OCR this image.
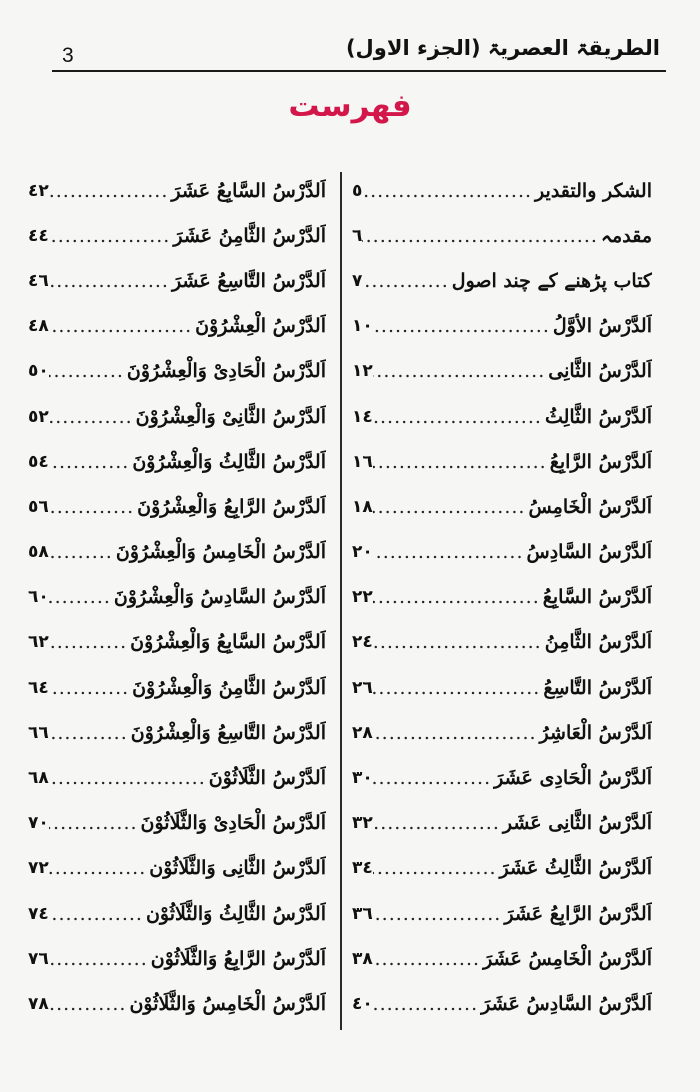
3	الطریقۃ العصریۃ (الجزء الاول)
فهرست
الشکر والتقدیر
.....
٥
مقدمہ
.....
٦
کتاب پڑھنے کے چند اصول
.....
٧
اَلدَّرْسُ الأوَّلُ
.....
١٠
اَلدَّرْسُ الثَّانِی
.....
١٢
اَلدَّرْسُ الثَّالِثُ
.....
١٤
اَلدَّرْسُ الرَّابِعُ
.....
١٦
اَلدَّرْسُ الْخَامِسُ
.....
١٨
اَلدَّرْسُ السَّادِسُ
.....
٢٠
اَلدَّرْسُ السَّابِعُ
.....
٢٢
اَلدَّرْسُ الثَّامِنُ
.....
٢٤
اَلدَّرْسُ التَّاسِعُ
.....
٢٦
اَلدَّرْسُ الْعَاشِرُ
.....
٢٨
اَلدَّرْسُ الْحَادِی عَشَرَ
.....
٣٠
اَلدَّرْسُ الثَّانِی عَشَر
.....
٣٢
اَلدَّرْسُ الثَّالِثُ عَشَرَ
.....
٣٤
اَلدَّرْسُ الرَّابِعُ عَشَرَ
.....
٣٦
اَلدَّرْسُ الْخَامِسُ عَشَرَ
.....
٣٨
اَلدَّرْسُ السَّادِسُ عَشَرَ
.....
٤٠
اَلدَّرْسُ السَّابِعُ عَشَرَ
.....
٤٢
اَلدَّرْسُ الثَّامِنُ عَشَرَ
.....
٤٤
اَلدَّرْسُ التَّاسِعُ عَشَرَ
.....
٤٦
اَلدَّرْسُ الْعِشْرُوْنَ
.....
٤٨
اَلدَّرْسُ الْحَادِیْ وَالْعِشْرُوْنَ
.....
٥٠
اَلدَّرْسُ الثَّانِیْ وَالْعِشْرُوْنَ
.....
٥٢
اَلدَّرْسُ الثَّالِثُ وَالْعِشْرُوْنَ
.....
٥٤
اَلدَّرْسُ الرَّابِعُ وَالْعِشْرُوْنَ
.....
٥٦
اَلدَّرْسُ الْخَامِسُ وَالْعِشْرُوْنَ
.....
٥٨
اَلدَّرْسُ السَّادِسُ وَالْعِشْرُوْنَ
.....
٦٠
اَلدَّرْسُ السَّابِعُ وَالْعِشْرُوْنَ
.....
٦٢
اَلدَّرْسُ الثَّامِنُ وَالْعِشْرُوْنَ
.....
٦٤
اَلدَّرْسُ التَّاسِعُ وَالْعِشْرُوْنَ
.....
٦٦
اَلدَّرْسُ الثَّلَاثُوْنَ
.....
٦٨
اَلدَّرْسُ الْحَادِیْ وَالثَّلَاثُوْنَ
.....
٧٠
اَلدَّرْسُ الثَّانِی وَالثَّلَاثُوْن
.....
٧٢
اَلدَّرْسُ الثَّالِثُ وَالثَّلَاثُوْن
.....
٧٤
اَلدَّرْسُ الرَّابِعُ وَالثَّلَاثُوْن
.....
٧٦
اَلدَّرْسُ الْخَامِسُ وَالثَّلَاثُوْن
.....
٧٨
